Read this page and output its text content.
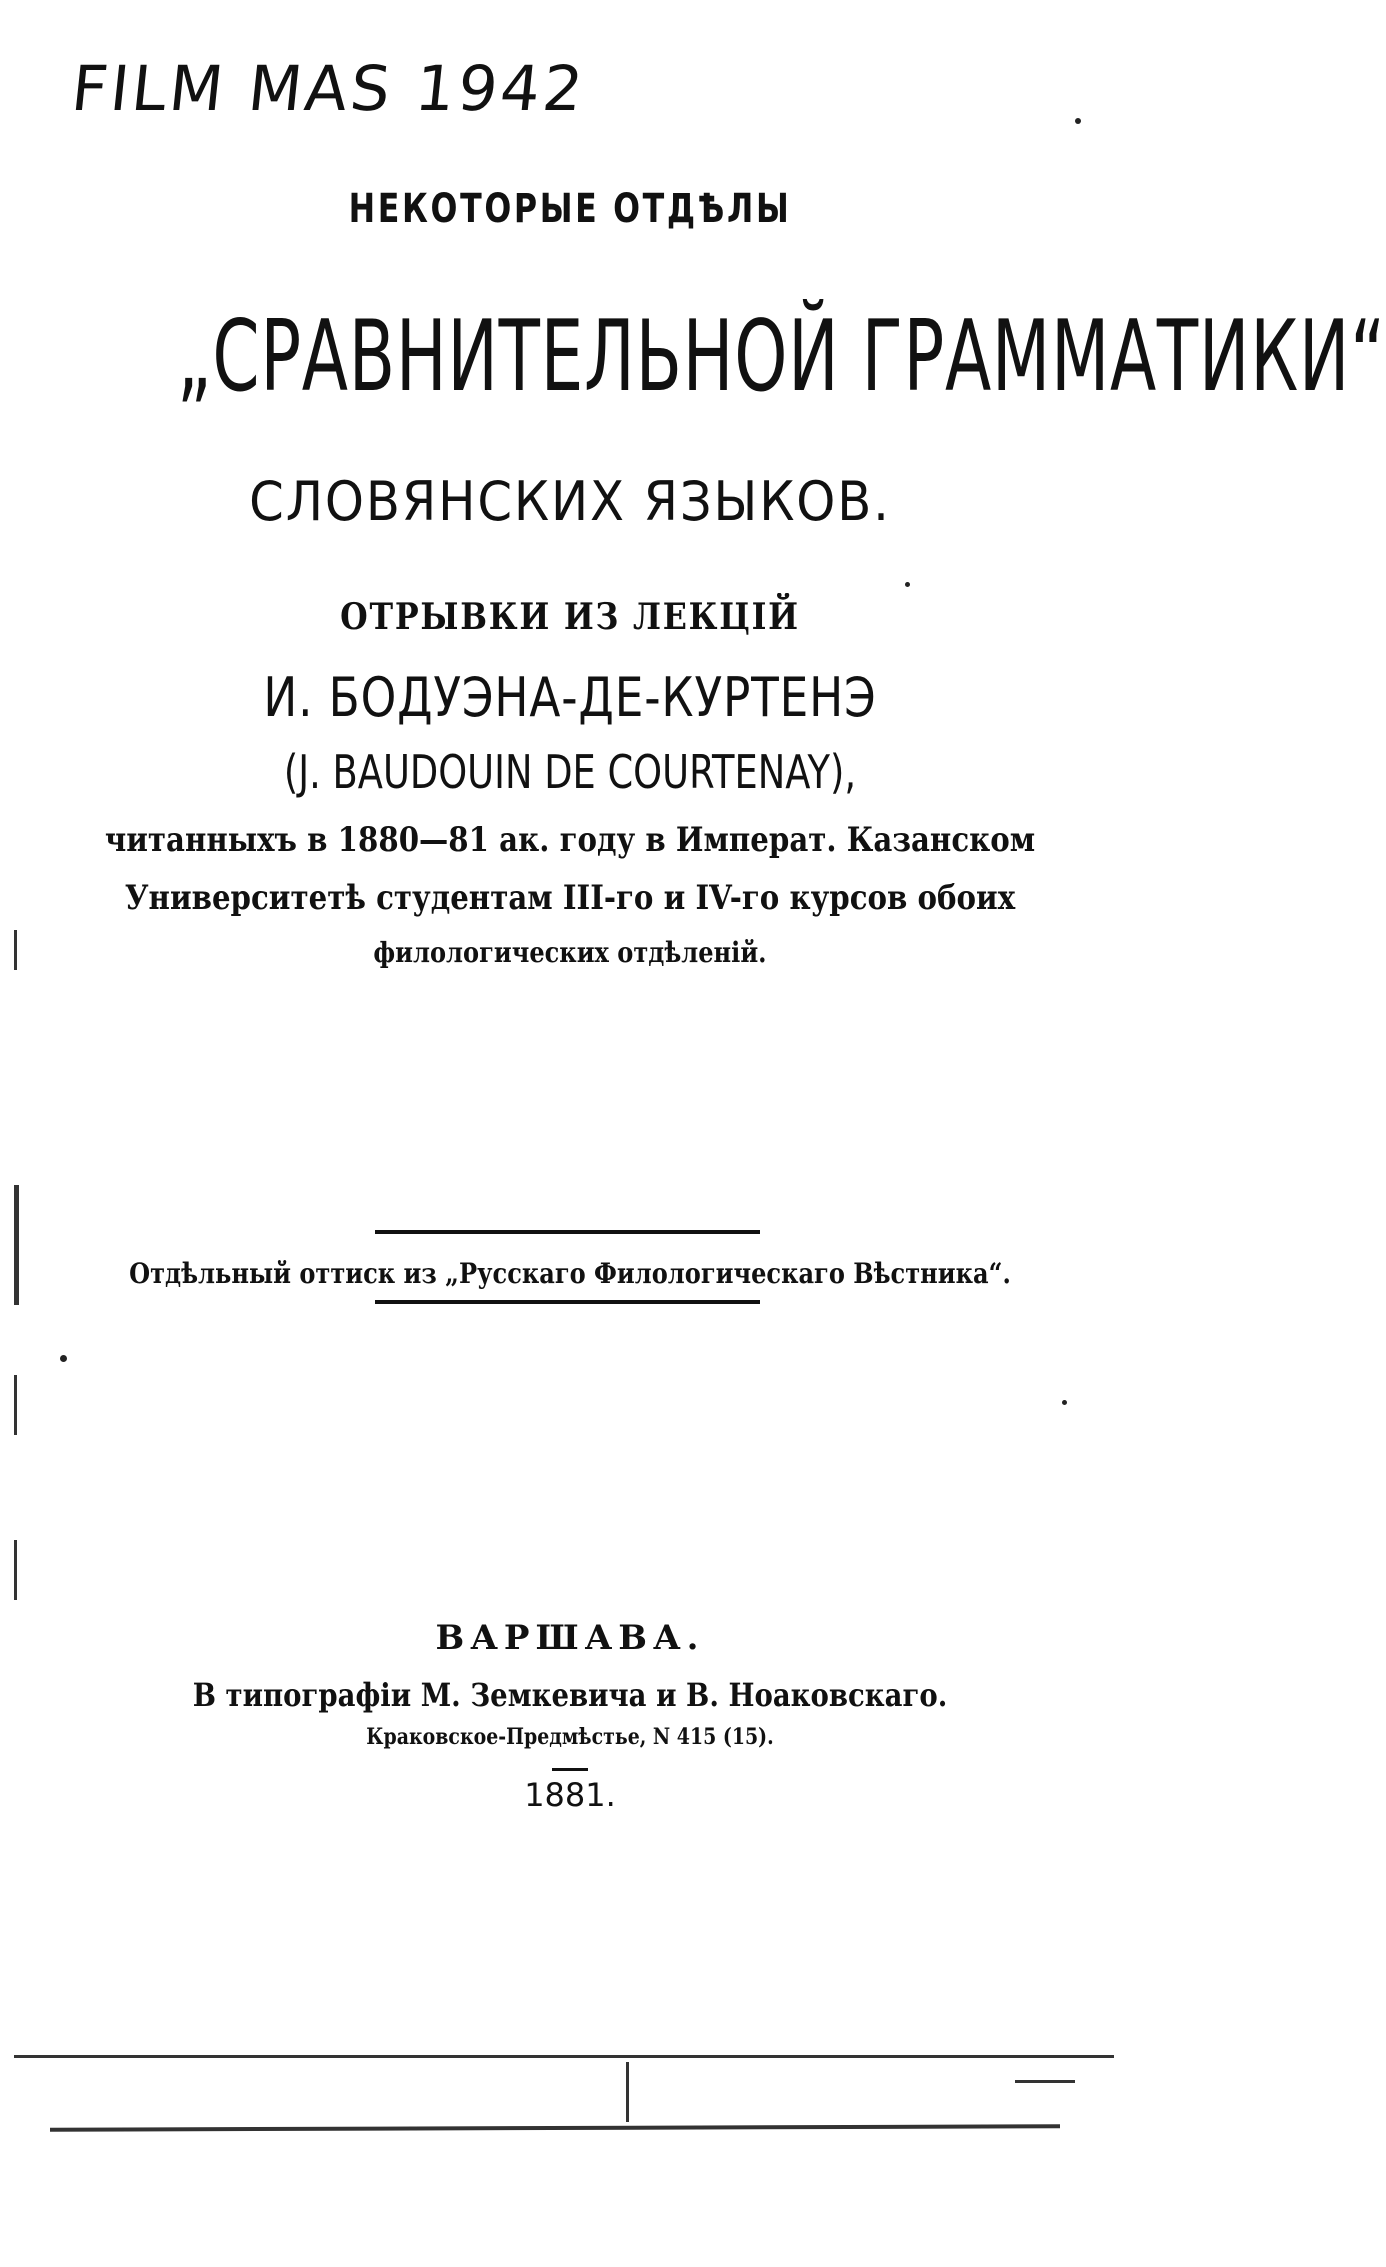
FILM MAS 1942
НЕКОТОРЫЕ ОТДѢЛЫ
„СРАВНИТЕЛЬНОЙ ГРАММАТИКИ“
СЛОВЯНСКИХ ЯЗЫКОВ.
ОТРЫВКИ ИЗ ЛЕКЦІЙ
И. БОДУЭНА-ДЕ-КУРТЕНЭ
(J. BAUDOUIN DE COURTENAY),
читанныхъ в 1880—81 ак. году в Императ. Казанском
Университетѣ студентам III-го и IV-го курсов обоих
филологических отдѣленій.
Отдѣльный оттиск из „Русскаго Филологическаго Вѣстника“.
ВАРШАВА.
В типографіи М. Земкевича и В. Ноаковскаго.
Краковское-Предмѣстье, N 415 (15).
1881.
